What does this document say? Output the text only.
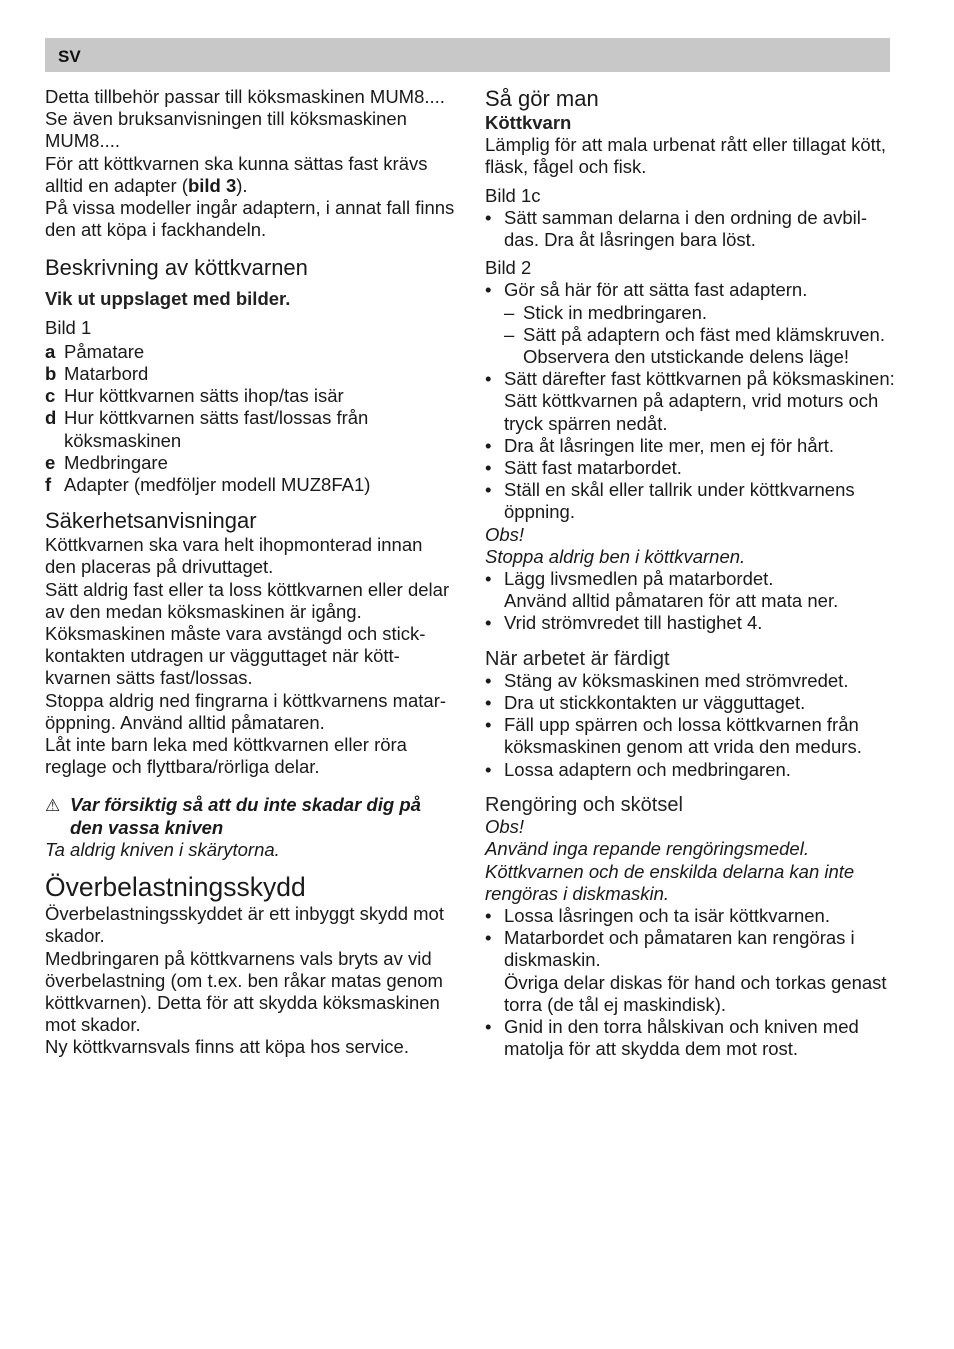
SV

Detta tillbehör passar till köksmaskinen MUM8....

Se även bruksanvisningen till köksmaskinen MUM8....

För att köttkvarnen ska kunna sättas fast krävs alltid en adapter (bild 3).

På vissa modeller ingår adaptern, i annat fall finns den att köpa i fackhandeln.

Beskrivning av köttkvarnen

Vik ut uppslaget med bilder.

Bild 1

a Påmatare
b Matarbord
c Hur köttkvarnen sätts ihop/tas isär
d Hur köttkvarnen sätts fast/lossas från köksmaskinen
e Medbringare
f Adapter (medföljer modell MUZ8FA1)
Säkerhetsanvisningar

Köttkvarnen ska vara helt ihopmonterad innan den placeras på drivuttaget.

Sätt aldrig fast eller ta loss köttkvarnen eller delar av den medan köksmaskinen är igång.

Köksmaskinen måste vara avstängd och stick-kontakten utdragen ur vägguttaget när kött-kvarnen sätts fast/lossas.

Stoppa aldrig ned fingrarna i köttkvarnens mataröppning. Använd alltid påmataren.

Låt inte barn leka med köttkvarnen eller röra reglage och flyttbara/rörliga delar.

⚠ Var försiktig så att du inte skadar dig på den vassa kniven

Ta aldrig kniven i skärytorna.

Överbelastningsskydd

Överbelastningsskyddet är ett inbyggt skydd mot skador.

Medbringaren på köttkvarnens vals bryts av vid överbelastning (om t.ex. ben råkar matas genom köttkvarnen). Detta för att skydda köksmaskinen mot skador.

Ny köttkvarnsvals finns att köpa hos service.

Så gör man

Köttkvarn

Lämplig för att mala urbenat rått eller tillagat kött, fläsk, fågel och fisk.

Bild 1c

• Sätt samman delarna i den ordning de avbil-das. Dra åt låsringen bara löst.

Bild 2

• Gör så här för att sätta fast adaptern.
– Stick in medbringaren.
– Sätt på adaptern och fäst med klämskruven. Observera den utstickande delens läge!
• Sätt därefter fast köttkvarnen på köksmaskinen:
Sätt köttkvarnen på adaptern, vrid moturs och tryck spärren nedåt.
• Dra åt låsringen lite mer, men ej för hårt.
• Sätt fast matarbordet.
• Ställ en skål eller tallrik under köttkvarnens öppning.

Obs!

Stoppa aldrig ben i köttkvarnen.

• Lägg livsmedlen på matarbordet.
Använd alltid påmataren för att mata ner.
• Vrid strömvredet till hastighet 4.

När arbetet är färdigt

• Stäng av köksmaskinen med strömvredet.
• Dra ut stickkontakten ur vägguttaget.
• Fäll upp spärren och lossa köttkvarnen från köksmaskinen genom att vrida den medurs.
• Lossa adaptern och medbringaren.

Rengöring och skötsel

Obs!

Använd inga repande rengöringsmedel. Köttkvarnen och de enskilda delarna kan inte rengöras i diskmaskin.

• Lossa låsringen och ta isär köttkvarnen.
• Matarbordet och påmataren kan rengöras i diskmaskin.
Övriga delar diskas för hand och torkas genast torra (de tål ej maskindisk).
• Gnid in den torra hålskivan och kniven med matolja för att skydda dem mot rost.
